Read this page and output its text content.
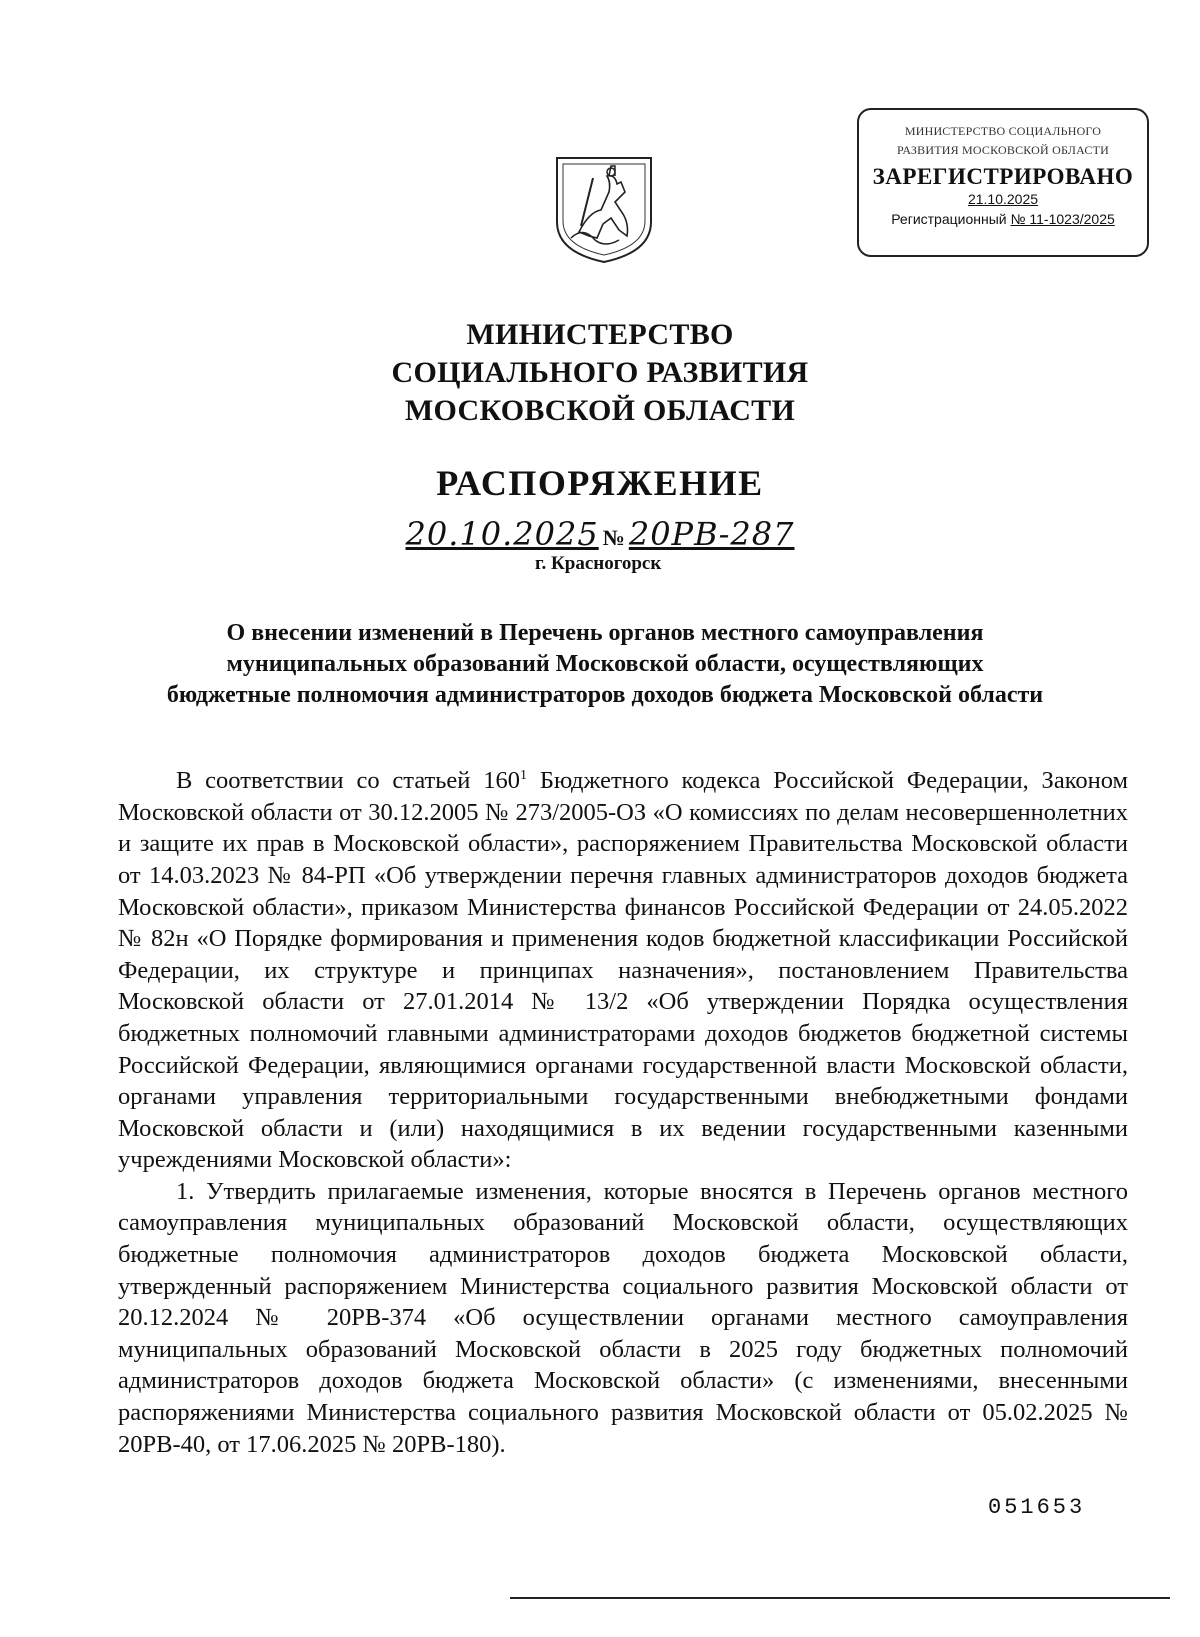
МИНИСТЕРСТВО СОЦИАЛЬНОГО
РАЗВИТИЯ МОСКОВСКОЙ ОБЛАСТИ
ЗАРЕГИСТРИРОВАНО
21.10.2025
Регистрационный № 11-1023/2025
МИНИСТЕРСТВО
СОЦИАЛЬНОГО РАЗВИТИЯ
МОСКОВСКОЙ ОБЛАСТИ
РАСПОРЯЖЕНИЕ
20.10.2025 № 20РВ-287
г. Красногорск
О внесении изменений в Перечень органов местного самоуправления
муниципальных образований Московской области, осуществляющих
бюджетные полномочия администраторов доходов бюджета Московской области

В соответствии со статьей $160^1$ Бюджетного кодекса Российской Федерации, Законом Московской области от 30.12.2005 № 273/2005-ОЗ «О комиссиях по делам несовершеннолетних и защите их прав в Московской области», распоряжением Правительства Московской области от 14.03.2023 № 84-РП «Об утверждении перечня главных администраторов доходов бюджета Московской области», приказом Министерства финансов Российской Федерации от 24.05.2022 № 82н «О Порядке формирования и применения кодов бюджетной классификации Российской Федерации, их структуре и принципах назначения», постановлением Правительства Московской области от 27.01.2014 № 13/2 «Об утверждении Порядка осуществления бюджетных полномочий главными администраторами доходов бюджетов бюджетной системы Российской Федерации, являющимися органами государственной власти Московской области, органами управления территориальными государственными внебюджетными фондами Московской области и (или) находящимися в их ведении государственными казенными учреждениями Московской области»:

1. Утвердить прилагаемые изменения, которые вносятся в Перечень органов местного самоуправления муниципальных образований Московской области, осуществляющих бюджетные полномочия администраторов доходов бюджета Московской области, утвержденный распоряжением Министерства социального развития Московской области от 20.12.2024 № 20РВ-374 «Об осуществлении органами местного самоуправления муниципальных образований Московской области в 2025 году бюджетных полномочий администраторов доходов бюджета Московской области» (с изменениями, внесенными распоряжениями Министерства социального развития Московской области от 05.02.2025 № 20РВ-40, от 17.06.2025 № 20РВ-180).

051653
